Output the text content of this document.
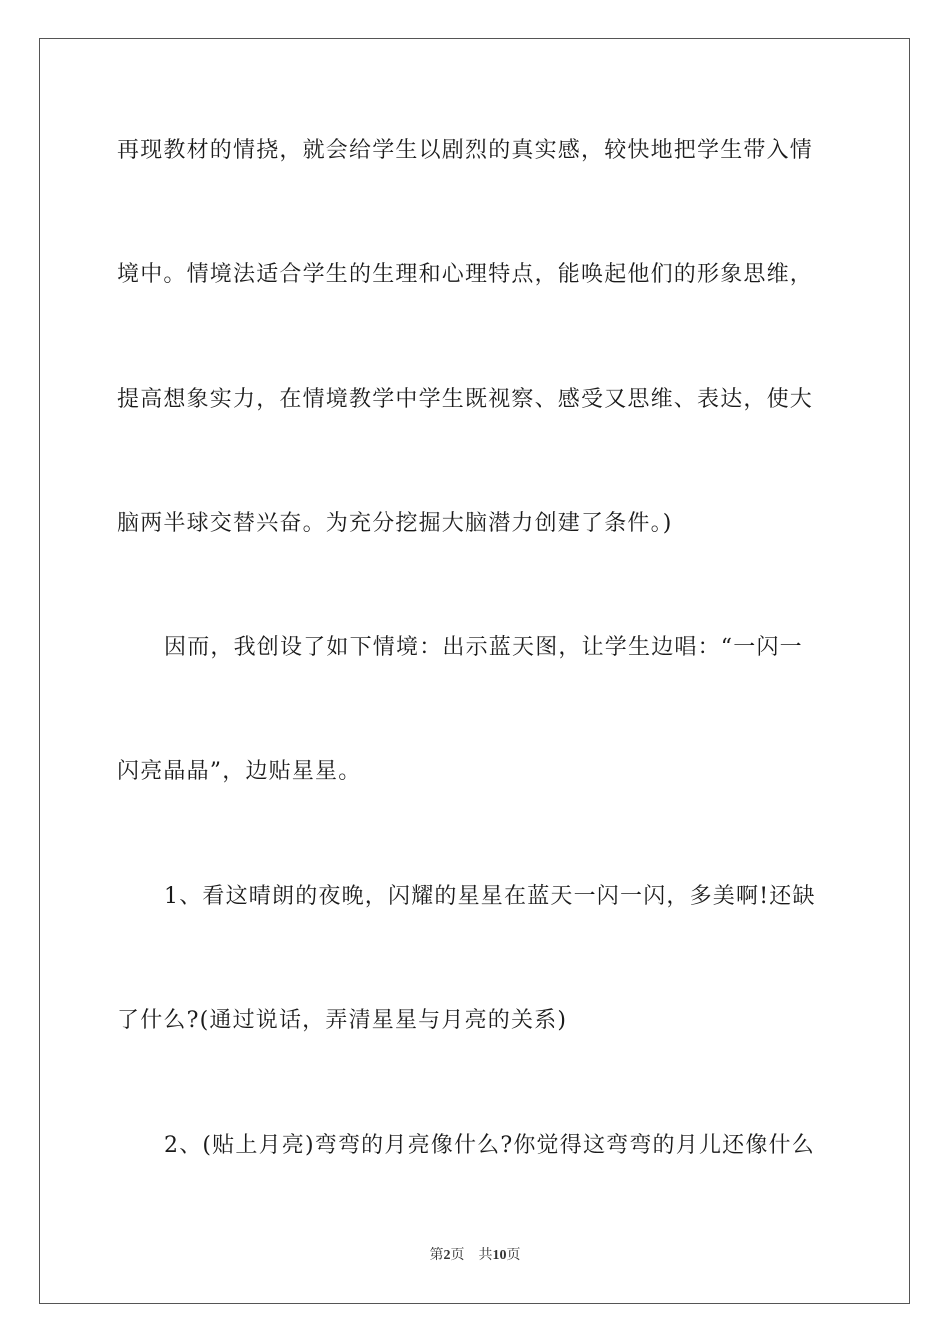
再现教材的情挠，就会给学生以剧烈的真实感，较快地把学生带入情
境中。情境法适合学生的生理和心理特点，能唤起他们的形象思维，
提高想象实力，在情境教学中学生既视察、感受又思维、表达，使大
脑两半球交替兴奋。为充分挖掘大脑潜力创建了条件。)
因而，我创设了如下情境：出示蓝天图，让学生边唱：“一闪一
闪亮晶晶”，边贴星星。
1、看这晴朗的夜晚，闪耀的星星在蓝天一闪一闪，多美啊!还缺
了什么?(通过说话，弄清星星与月亮的关系)
2、(贴上月亮)弯弯的月亮像什么?你觉得这弯弯的月儿还像什么
第2页 共10页
